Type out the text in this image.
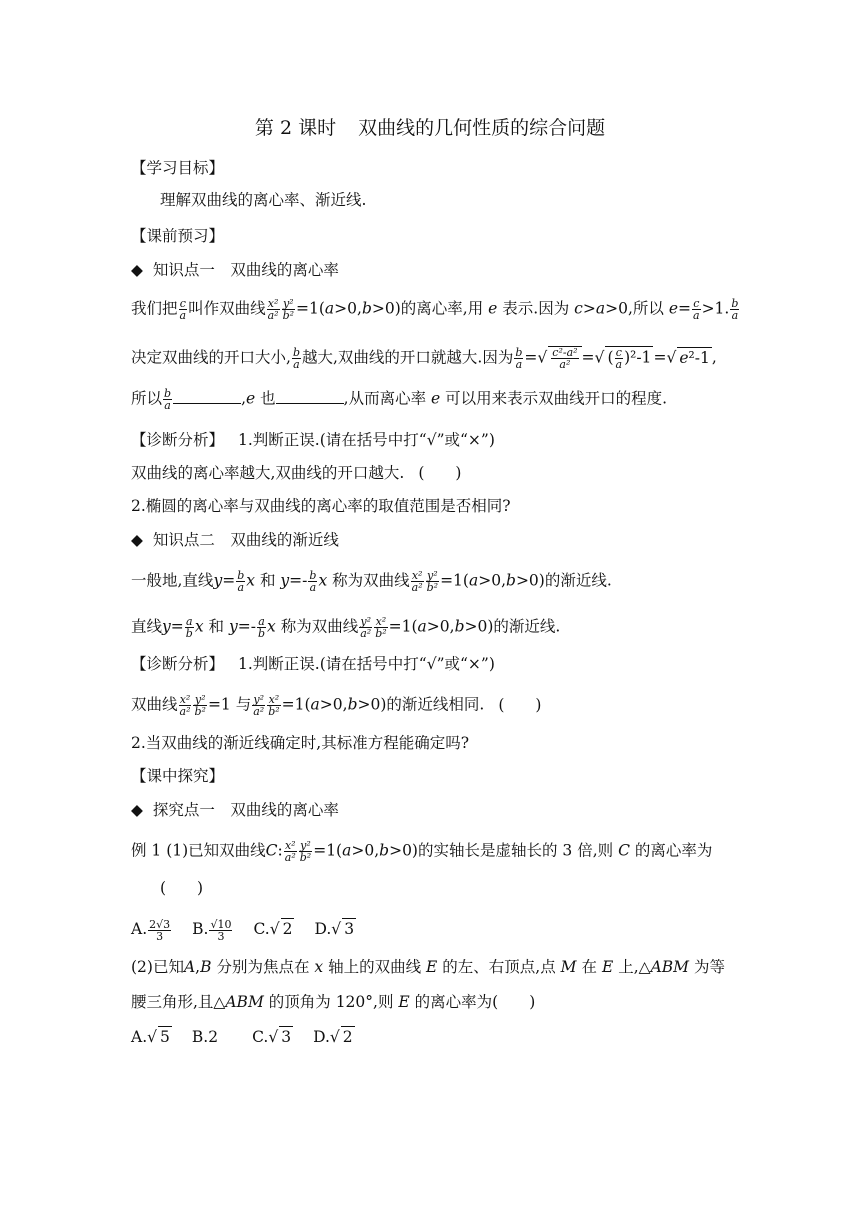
第 2 课时 双曲线的几何性质的综合问题
【学习目标】
理解双曲线的离心率、渐近线.
【课前预习】
◆ 知识点一　双曲线的离心率
我们把 $\frac{c}{a}$ 叫作双曲线 $\frac{\text{x²}}{\text{a²}} \frac{\text{y²}}{\text{b²}} =1(a>0,b>0)$的离心率,用 e 表示.因为 c>a>0,所以 $e= \frac{c}{a} >1$. $\frac{b}{a}$
决定双曲线的开口大小, $\frac{b}{a}$ 越大,双曲线的开口就越大.因为 $\frac{b}{a}$ =√ $\frac{\text{c²-a²}}{\text{a²}}$ =√ ( $\frac{c}{a} )^2-1$ =√ e²-1 ,
所以 $\frac{b}{a}$	,e 也	,从而离心率 e 可以用来表示双曲线开口的程度.
【诊断分析】 1.判断正误.(请在括号中打“√”或“×”)
双曲线的离心率越大,双曲线的开口越大. (　　)
2.椭圆的离心率与双曲线的离心率的取值范围是否相同?
◆ 知识点二　双曲线的渐近线
一般地,直线$y= \frac{b}{a}$ x 和 $y=- \frac{b}{a}$ x 称为双曲线 $\frac{\text{x²}}{\text{a²}} \frac{\text{y²}}{\text{b²}} =1(a>0,b>0)$的渐近线.
直线$y= \frac{a}{b}$ x 和 $y=- \frac{a}{b}$ x 称为双曲线 $\frac{\text{y²}}{\text{a²}} \frac{\text{x²}}{\text{b²}} =1(a>0,b>0)$的渐近线.
【诊断分析】 1.判断正误.(请在括号中打“√”或“×”)
双曲线 $\frac{\text{x²}}{\text{a²}} \frac{\text{y²}}{\text{b²}} =1$ 与 $\frac{\text{y²}}{\text{a²}} \frac{\text{x²}}{\text{b²}} =1(a>0,b>0)$的渐近线相同. (　　)
2.当双曲线的渐近线确定时,其标准方程能确定吗?
【课中探究】
◆ 探究点一　双曲线的离心率
例 1 (1)已知双曲线C: $\frac{\text{x²}}{\text{a²}} \frac{\text{y²}}{\text{b²}} =1(a>0,b>0)$的实轴长是虚轴长的 3 倍,则 C 的离心率为
(　　)
A. $\frac{2√3}{3} B$. $\frac{√10}{3} C.√$ 2 D.√ 3
(2)已知A,B 分别为焦点在 x 轴上的双曲线 E 的左、右顶点,点 M 在 E 上,△ABM 为等
腰三角形,且△ABM 的顶角为 120°,则 E 的离心率为(　　)
A.√ 5 B.2 C.√ 3 D.√ 2
